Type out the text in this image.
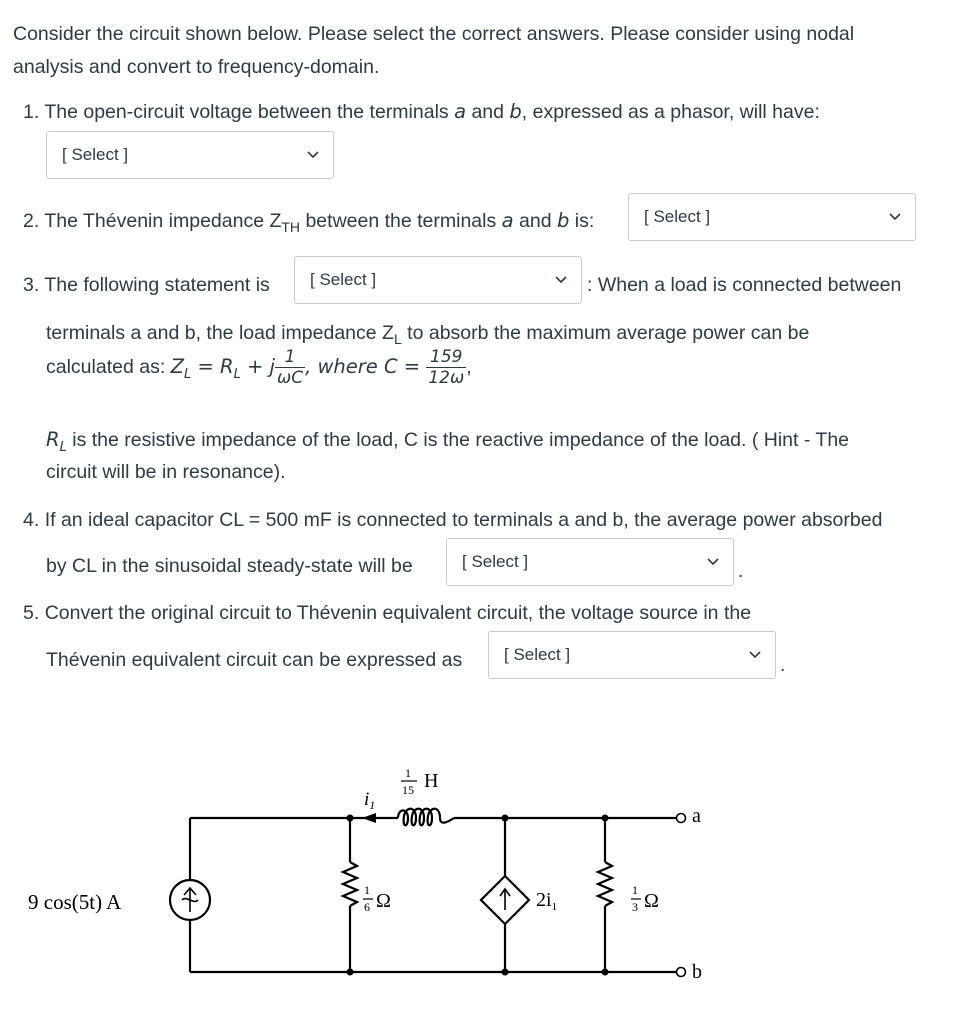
Consider the circuit shown below. Please select the correct answers. Please consider using nodal
analysis and convert to frequency-domain.
1. The open-circuit voltage between the terminals a and b, expressed as a phasor, will have:
[ Select ]
2. The Thévenin impedance $Z_{TH}$ between the terminals a and b is:	[ Select ]
3. The following statement is [ Select ]	: When a load is connected between
terminals a and b, the load impedance $Z_L$ to absorb the maximum average power can be
calculated as: $Z_L = R_L + j \frac{1}{\omega C}$ , where $C = \frac{159}{12\omega}$ ,
$R_L$ is the resistive impedance of the load, C is the reactive impedance of the load. ( Hint - The
circuit will be in resonance).
4. If an ideal capacitor CL = 500 mF is connected to terminals a and b, the average power absorbed
by CL in the sinusoidal steady-state will be	[ Select ]	.
5. Convert the original circuit to Thévenin equivalent circuit, the voltage source in the
Thévenin equivalent circuit can be expressed as [ Select ]	.
9 cos(5t) A
$i_1$
1
15 H
1
6 Ω	$2i_1$
1
3 Ω
a
b
